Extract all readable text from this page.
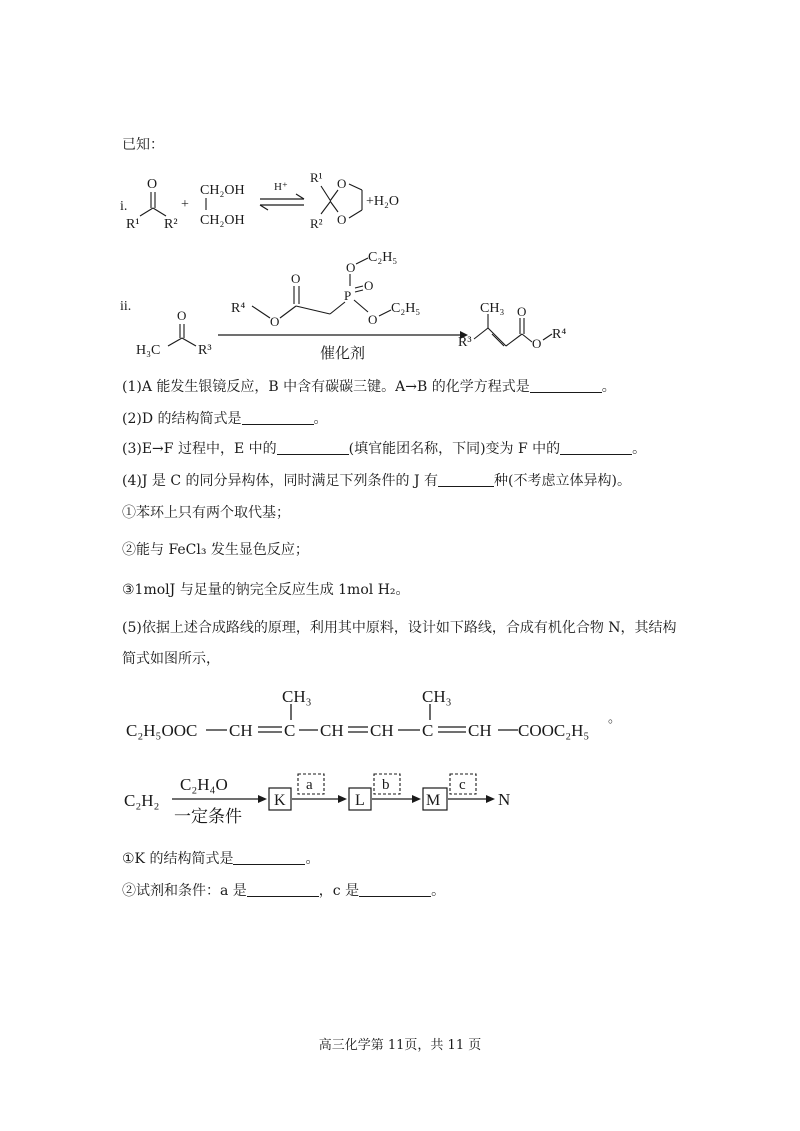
已知：
i.
O
R¹ R²
+
CH₂OH
CH₂OH
H⁺
R¹
R²
O
O
+H₂O
ii.	R⁴
O
O
P
O
O
C₂H₅
O
C₂H₅
O
H₃C	R³	催化剂
R³
CH₃ O
O
R⁴
(1)A 能发生银镜反应，B 中含有碳碳三键。A→B 的化学方程式是	。
(2)D 的结构简式是	。
(3)E→F 过程中，E 中的	(填官能团名称，下同)变为 F 中的	。
(4)J 是 C 的同分异构体，同时满足下列条件的 J 有	种(不考虑立体异构)。
①苯环上只有两个取代基；
②能与 FeCl₃ 发生显色反应；
③1molJ 与足量的钠完全反应生成 1mol H₂。
(5)依据上述合成路线的原理，利用其中原料，设计如下路线，合成有机化合物 N，其结构
简式如图所示，
C₂H₅OOC CH C
CH₃
CH CH C
CH₃
CH COOC₂H₅
。
C₂H₂
C₂H₄O
一定条件
K
a
L
b
M
c
N
①K 的结构简式是	。
②试剂和条件：a 是	，c 是	。
高三化学第 11页，共 11 页
